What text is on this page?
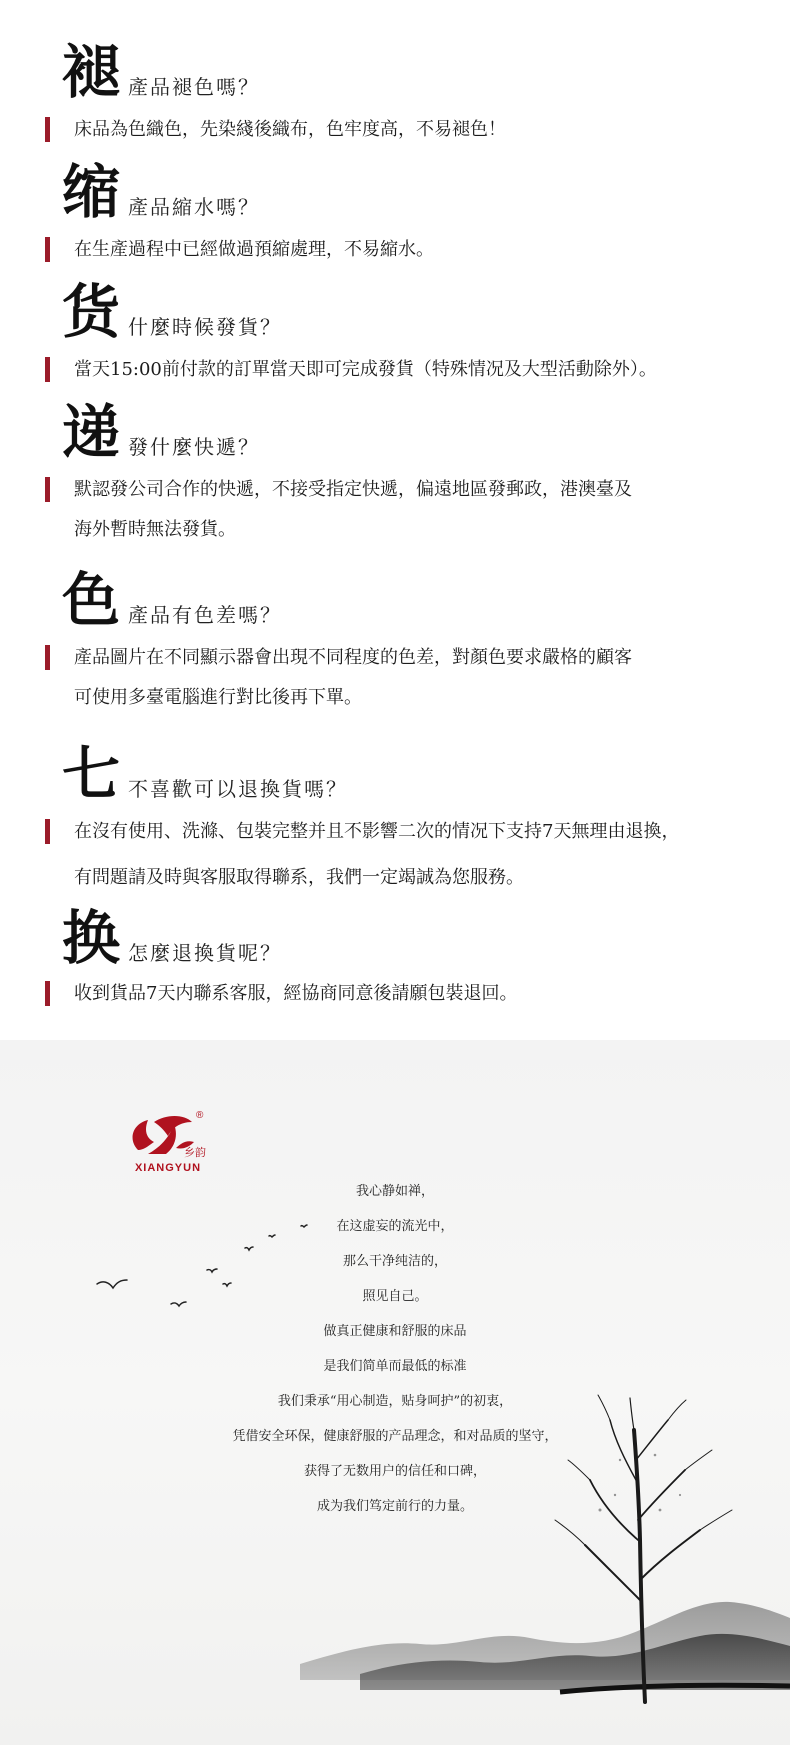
褪 產品褪色嗎？
床品為色織色，先染綫後織布，色牢度高，不易褪色！
缩 產品縮水嗎？
在生產過程中已經做過預縮處理，不易縮水。
货 什麼時候發貨？
當天15:00前付款的訂單當天即可完成發貨（特殊情况及大型活動除外）。
递 發什麼快遞？
默認發公司合作的快遞，不接受指定快遞，偏遠地區發郵政，港澳臺及
海外暫時無法發貨。
色 產品有色差嗎？
產品圖片在不同顯示器會出現不同程度的色差，對顏色要求嚴格的顧客
可使用多臺電腦進行對比後再下單。
七 不喜歡可以退換貨嗎？
在沒有使用、洗滌、包裝完整并且不影響二次的情况下支持7天無理由退換，
有問題請及時與客服取得聯系，我們一定竭誠為您服務。
换 怎麼退換貨呢？
收到貨品7天内聯系客服，經協商同意後請願包裝退回。
乡韵
®
XIANGYUN
我心静如禅，
在这虚妄的流光中，
那么干净纯洁的，
照见自己。
做真正健康和舒服的床品
是我们简单而最低的标准
我们秉承“用心制造，贴身呵护”的初衷，
凭借安全环保，健康舒服的产品理念，和对品质的坚守，
获得了无数用户的信任和口碑，
成为我们笃定前行的力量。
